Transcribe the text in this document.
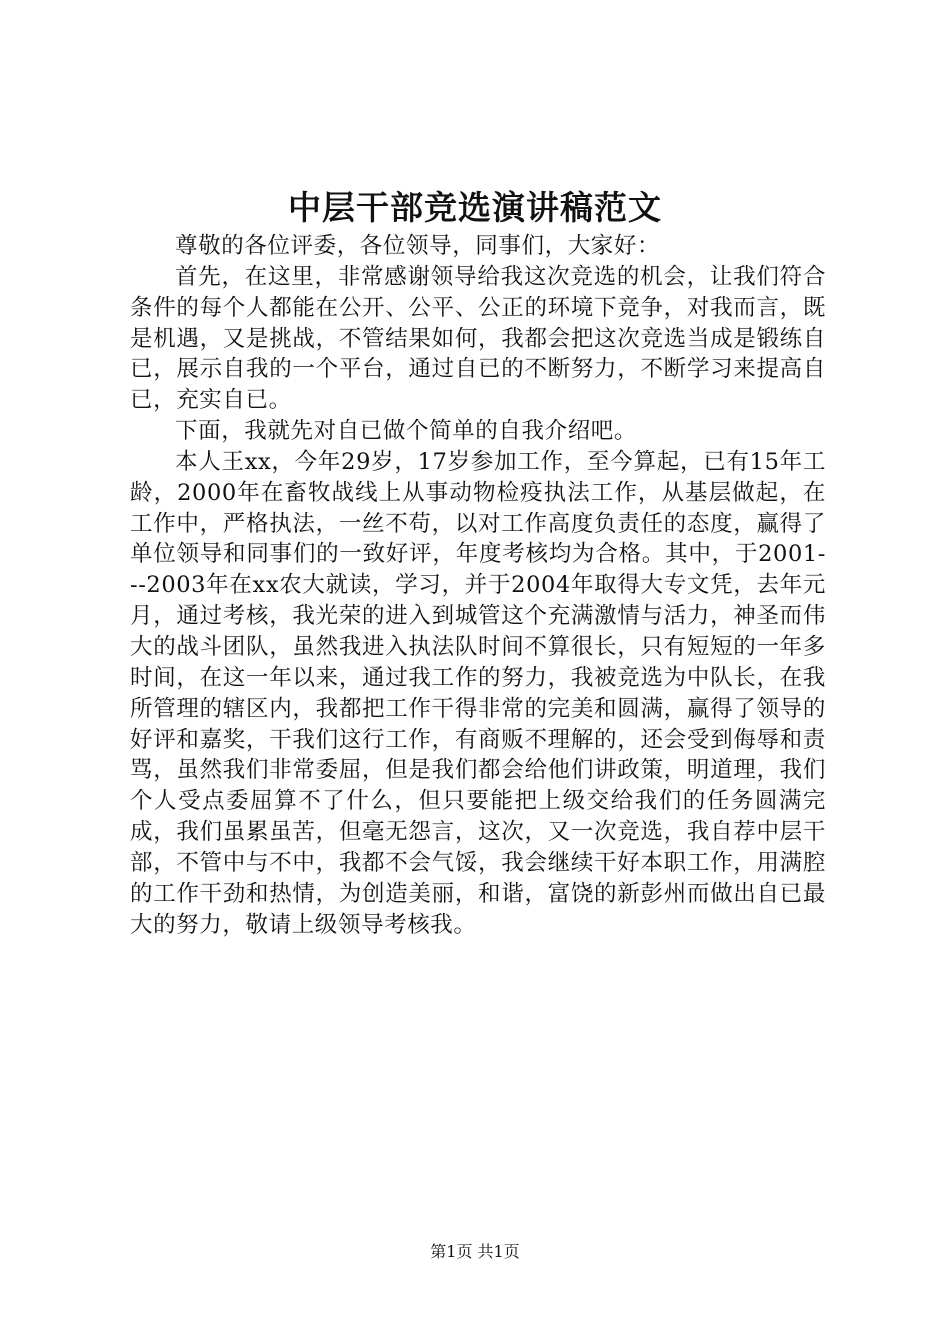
中层干部竞选演讲稿范文

尊敬的各位评委，各位领导，同事们，大家好：

首先，在这里，非常感谢领导给我这次竞选的机会，让我们符合条件的每个人都能在公开、公平、公正的环境下竞争，对我而言，既是机遇，又是挑战，不管结果如何，我都会把这次竞选当成是锻练自已，展示自我的一个平台，通过自已的不断努力，不断学习来提高自已，充实自已。

下面，我就先对自已做个简单的自我介绍吧。

本人王xx，今年29岁，17岁参加工作，至今算起，已有15年工龄，2000年在畜牧战线上从事动物检疫执法工作，从基层做起，在工作中，严格执法，一丝不苟，以对工作高度负责任的态度，赢得了单位领导和同事们的一致好评，年度考核均为合格。其中，于2001---2003年在xx农大就读，学习，并于2004年取得大专文凭，去年元月，通过考核，我光荣的进入到城管这个充满激情与活力，神圣而伟大的战斗团队，虽然我进入执法队时间不算很长，只有短短的一年多时间，在这一年以来，通过我工作的努力，我被竞选为中队长，在我所管理的辖区内，我都把工作干得非常的完美和圆满，赢得了领导的好评和嘉奖，干我们这行工作，有商贩不理解的，还会受到侮辱和责骂，虽然我们非常委屈，但是我们都会给他们讲政策，明道理，我们个人受点委屈算不了什么，但只要能把上级交给我们的任务圆满完成，我们虽累虽苦，但毫无怨言，这次，又一次竞选，我自荐中层干部，不管中与不中，我都不会气馁，我会继续干好本职工作，用满腔的工作干劲和热情，为创造美丽，和谐，富饶的新彭州而做出自已最大的努力，敬请上级领导考核我。

第1页 共1页
